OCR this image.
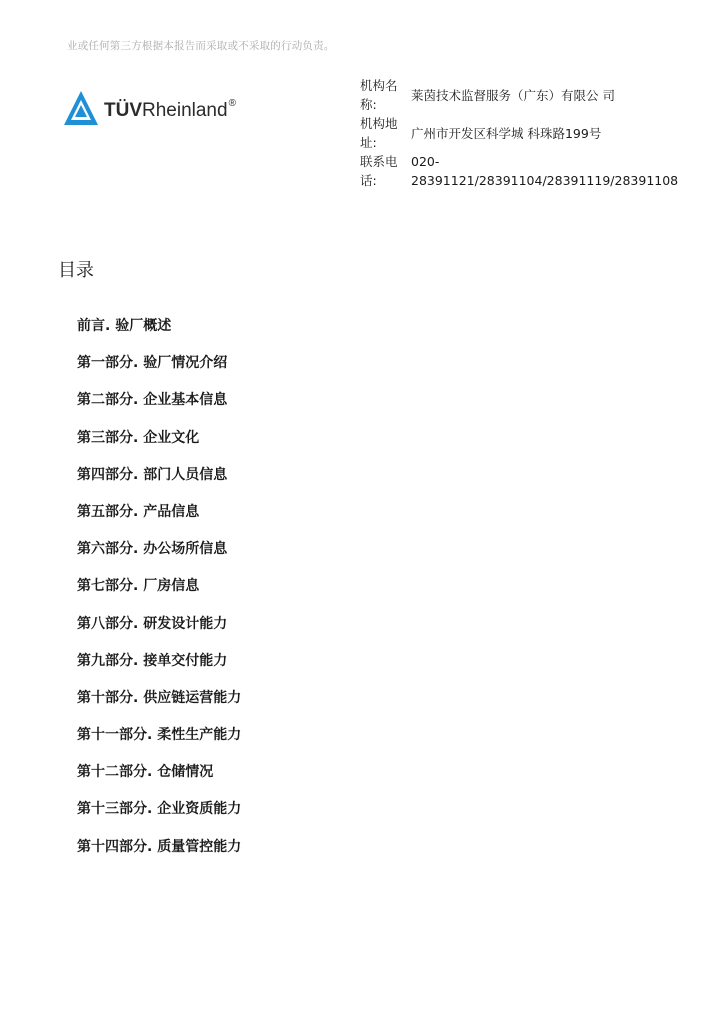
业或任何第三方根据本报告而采取或不采取的行动负责。
TÜVRheinland®
机构名
称:
莱茵技术监督服务（广东）有限公 司
机构地
址:
广州市开发区科学城 科珠路199号
联系电
话:
020-
28391121/28391104/28391119/28391108
目录
前言. 验厂概述
第一部分. 验厂情况介绍
第二部分. 企业基本信息
第三部分. 企业文化
第四部分. 部门人员信息
第五部分. 产品信息
第六部分. 办公场所信息
第七部分. 厂房信息
第八部分. 研发设计能力
第九部分. 接单交付能力
第十部分. 供应链运营能力
第十一部分. 柔性生产能力
第十二部分. 仓储情况
第十三部分. 企业资质能力
第十四部分. 质量管控能力
